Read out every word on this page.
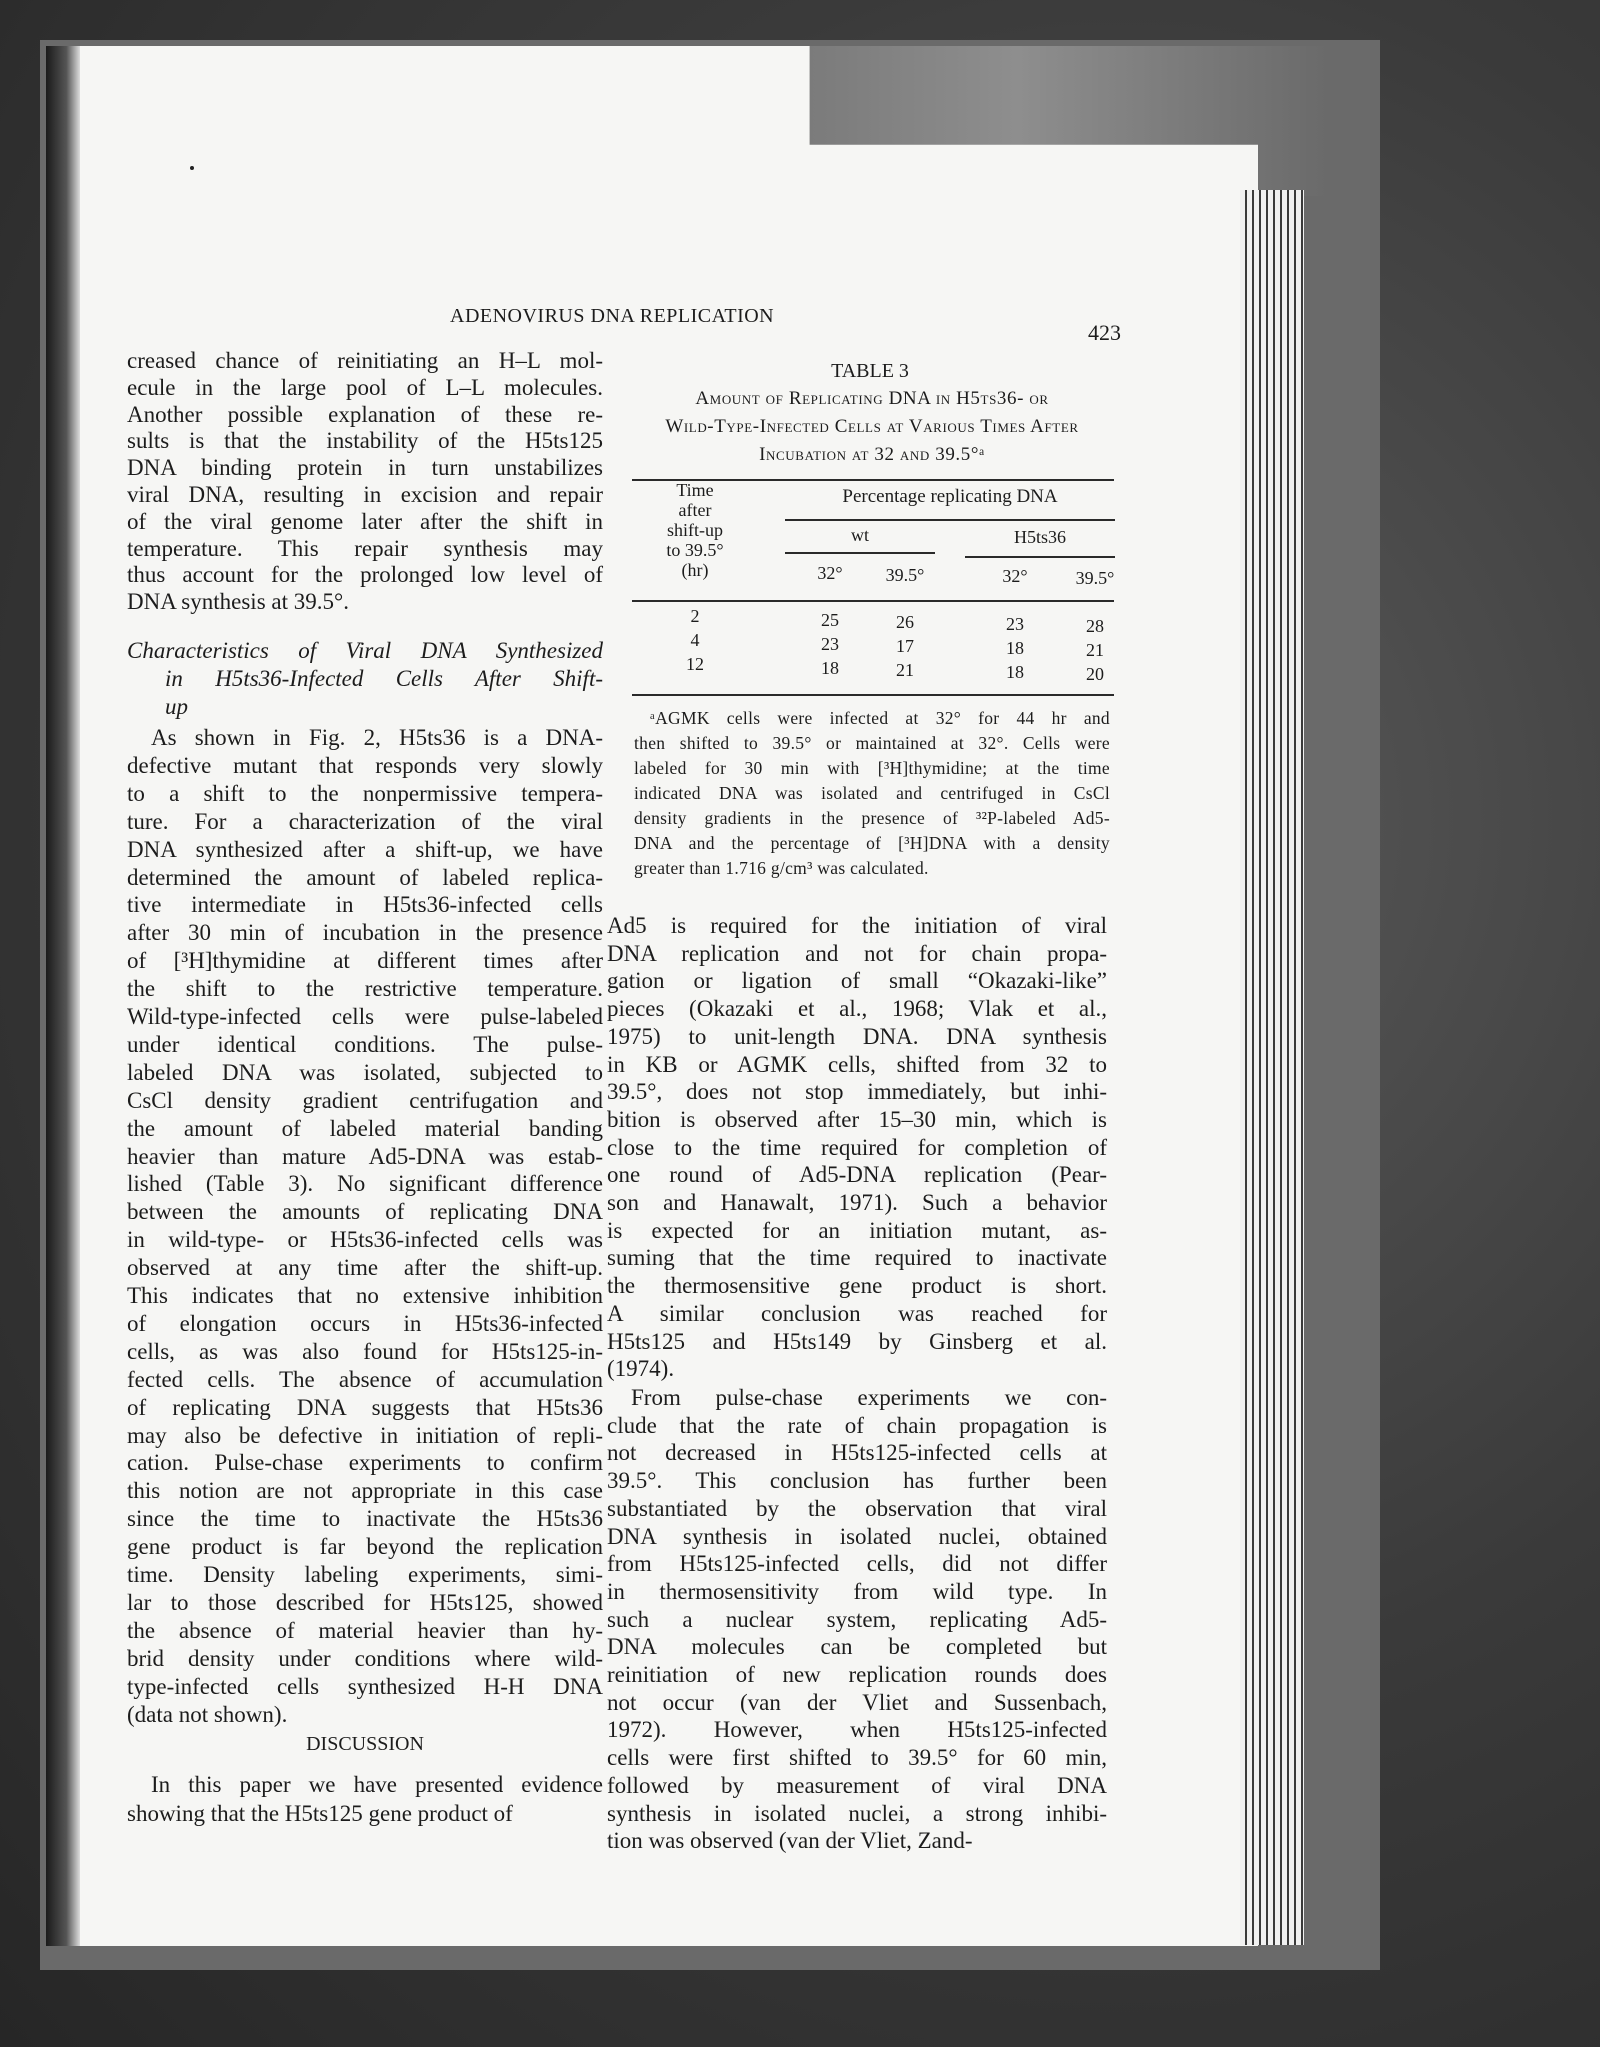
ADENOVIRUS DNA REPLICATION
423
creased chance of reinitiating an H–L mol-
ecule in the large pool of L–L molecules.
Another possible explanation of these re-
sults is that the instability of the H5ts125
DNA binding protein in turn unstabilizes
viral DNA, resulting in excision and repair
of the viral genome later after the shift in
temperature. This repair synthesis may
thus account for the prolonged low level of
DNA synthesis at 39.5°.
Characteristics of Viral DNA Synthesized
in H5ts36-Infected Cells After Shift-
up
As shown in Fig. 2, H5ts36 is a DNA-
defective mutant that responds very slowly
to a shift to the nonpermissive tempera-
ture. For a characterization of the viral
DNA synthesized after a shift-up, we have
determined the amount of labeled replica-
tive intermediate in H5ts36-infected cells
after 30 min of incubation in the presence
of [³H]thymidine at different times after
the shift to the restrictive temperature.
Wild-type-infected cells were pulse-labeled
under identical conditions. The pulse-
labeled DNA was isolated, subjected to
CsCl density gradient centrifugation and
the amount of labeled material banding
heavier than mature Ad5-DNA was estab-
lished (Table 3). No significant difference
between the amounts of replicating DNA
in wild-type- or H5ts36-infected cells was
observed at any time after the shift-up.
This indicates that no extensive inhibition
of elongation occurs in H5ts36-infected
cells, as was also found for H5ts125-in-
fected cells. The absence of accumulation
of replicating DNA suggests that H5ts36
may also be defective in initiation of repli-
cation. Pulse-chase experiments to confirm
this notion are not appropriate in this case
since the time to inactivate the H5ts36
gene product is far beyond the replication
time. Density labeling experiments, simi-
lar to those described for H5ts125, showed
the absence of material heavier than hy-
brid density under conditions where wild-
type-infected cells synthesized H-H DNA
(data not shown).
DISCUSSION
In this paper we have presented evidence
showing that the H5ts125 gene product of
Ad5 is required for the initiation of viral
DNA replication and not for chain propa-
gation or ligation of small “Okazaki-like”
pieces (Okazaki et al., 1968; Vlak et al.,
1975) to unit-length DNA. DNA synthesis
in KB or AGMK cells, shifted from 32 to
39.5°, does not stop immediately, but inhi-
bition is observed after 15–30 min, which is
close to the time required for completion of
one round of Ad5-DNA replication (Pear-
son and Hanawalt, 1971). Such a behavior
is expected for an initiation mutant, as-
suming that the time required to inactivate
the thermosensitive gene product is short.
A similar conclusion was reached for
H5ts125 and H5ts149 by Ginsberg et al.
(1974).
From pulse-chase experiments we con-
clude that the rate of chain propagation is
not decreased in H5ts125-infected cells at
39.5°. This conclusion has further been
substantiated by the observation that viral
DNA synthesis in isolated nuclei, obtained
from H5ts125-infected cells, did not differ
in thermosensitivity from wild type. In
such a nuclear system, replicating Ad5-
DNA molecules can be completed but
reinitiation of new replication rounds does
not occur (van der Vliet and Sussenbach,
1972). However, when H5ts125-infected
cells were first shifted to 39.5° for 60 min,
followed by measurement of viral DNA
synthesis in isolated nuclei, a strong inhibi-
tion was observed (van der Vliet, Zand-
TABLE 3
Amount of Replicating DNA in H5ts36- or
Wild-Type-Infected Cells at Various Times After
Incubation at 32 and 39.5°ᵃ
Time
after
shift-up
to 39.5°
(hr)
Percentage replicating DNA
wt	H5ts36
32°	39.5°	32°	39.5°
2	25	26	23	28
4	23	17	18	21
12	18	21	18	20
ᵃAGMK cells were infected at 32° for 44 hr and
then shifted to 39.5° or maintained at 32°. Cells were
labeled for 30 min with [³H]thymidine; at the time
indicated DNA was isolated and centrifuged in CsCl
density gradients in the presence of ³²P-labeled Ad5-
DNA and the percentage of [³H]DNA with a density
greater than 1.716 g/cm³ was calculated.
